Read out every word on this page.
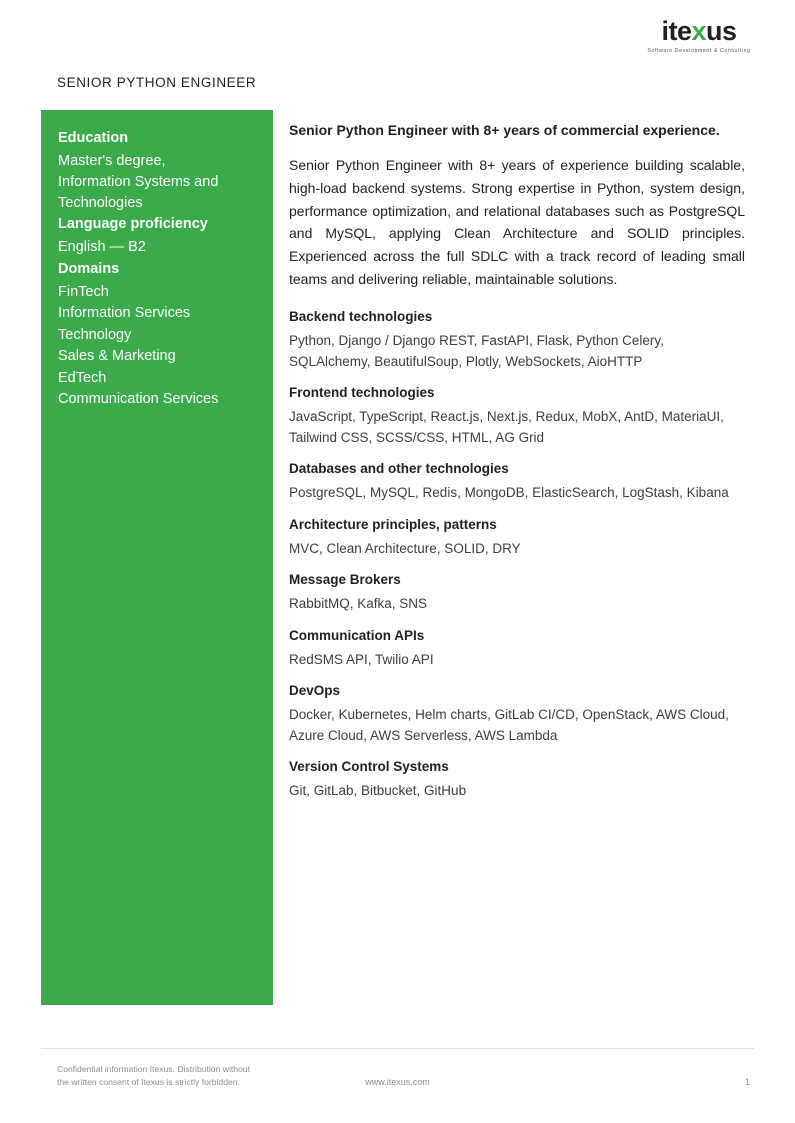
itexus
Software Development & Consulting
SENIOR PYTHON ENGINEER
Education
Master's degree,
Information Systems and Technologies
Language proficiency
English — B2
Domains
FinTech
Information Services
Technology
Sales & Marketing
EdTech
Communication Services

Senior Python Engineer with 8+ years of commercial experience.

Senior Python Engineer with 8+ years of experience building scalable, high-load backend systems. Strong expertise in Python, system design, performance optimization, and relational databases such as PostgreSQL and MySQL, applying Clean Architecture and SOLID principles. Experienced across the full SDLC with a track record of leading small teams and delivering reliable, maintainable solutions.

Backend technologies
Python, Django / Django REST, FastAPI, Flask, Python Celery, SQLAlchemy, BeautifulSoup, Plotly, WebSockets, AioHTTP
Frontend technologies
JavaScript, TypeScript, React.js, Next.js, Redux, MobX, AntD, MateriaUI, Tailwind CSS, SCSS/CSS, HTML, AG Grid
Databases and other technologies
PostgreSQL, MySQL, Redis, MongoDB, ElasticSearch, LogStash, Kibana
Architecture principles, patterns
MVC, Clean Architecture, SOLID, DRY
Message Brokers
RabbitMQ, Kafka, SNS
Communication APIs
RedSMS API, Twilio API
DevOps
Docker, Kubernetes, Helm charts, GitLab CI/CD, OpenStack, AWS Cloud, Azure Cloud, AWS Serverless, AWS Lambda
Version Control Systems
Git, GitLab, Bitbucket, GitHub
Confidential information Itexus. Distribution without
the written consent of Itexus is strictly forbidden.	www.itexus.com	1
